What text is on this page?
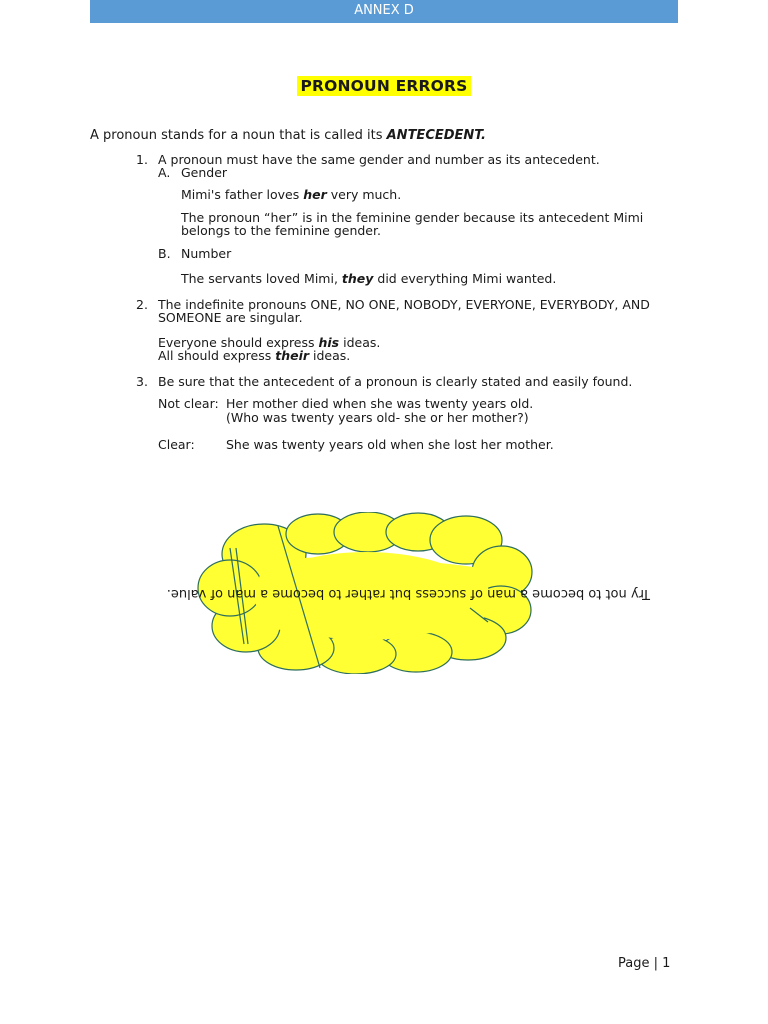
ANNEX D
PRONOUN ERRORS
A pronoun stands for a noun that is called its ANTECEDENT.
1. A pronoun must have the same gender and number as its antecedent.
A. Gender
Mimi's father loves her very much.
The pronoun “her” is in the feminine gender because its antecedent Mimi
belongs to the feminine gender.
B. Number
The servants loved Mimi, they did everything Mimi wanted.
2. The indefinite pronouns ONE, NO ONE, NOBODY, EVERYONE, EVERYBODY, AND
SOMEONE are singular.
Everyone should express his ideas.
All should express their ideas.
3. Be sure that the antecedent of a pronoun is clearly stated and easily found.
Not clear: Her mother died when she was twenty years old.
(Who was twenty years old- she or her mother?)
Clear:	She was twenty years old when she lost her mother.
Try not to become a man of success but rather to become a man of value.
Page | 1
